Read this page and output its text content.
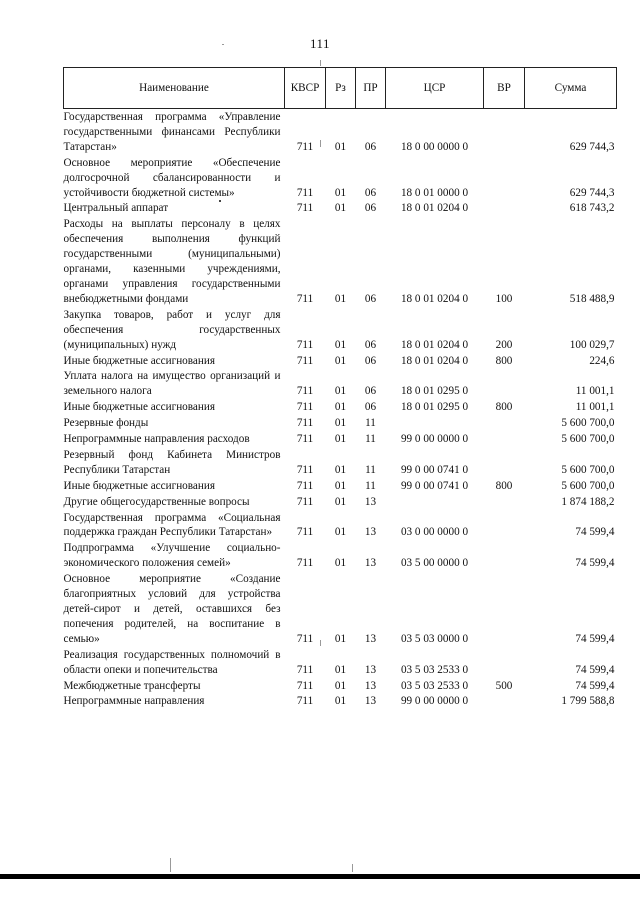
111
Наименование	КВСР	Рз	ПР	ЦСР	ВР	Сумма
Государственная программа «Управление государственными финансами Республики Татарстан»	711	01	06	18 0 00 0000 0		629 744,3
Основное мероприятие «Обеспечение долгосрочной сбалансированности и устойчивости бюджетной системы»	711	01	06	18 0 01 0000 0		629 744,3
Центральный аппарат	711	01	06	18 0 01 0204 0		618 743,2
Расходы на выплаты персоналу в целях обеспечения выполнения функций государственными (муниципальными) органами, казенными учреждениями, органами управления государственными внебюджетными фондами	711	01	06	18 0 01 0204 0	100	518 488,9
Закупка товаров, работ и услуг для обеспечения государственных (муниципальных) нужд	711	01	06	18 0 01 0204 0	200	100 029,7
Иные бюджетные ассигнования	711	01	06	18 0 01 0204 0	800	224,6
Уплата налога на имущество организаций и земельного налога	711	01	06	18 0 01 0295 0		11 001,1
Иные бюджетные ассигнования	711	01	06	18 0 01 0295 0	800	11 001,1
Резервные фонды	711	01	11			5 600 700,0
Непрограммные направления расходов	711	01	11	99 0 00 0000 0		5 600 700,0
Резервный фонд Кабинета Министров Республики Татарстан	711	01	11	99 0 00 0741 0		5 600 700,0
Иные бюджетные ассигнования	711	01	11	99 0 00 0741 0	800	5 600 700,0
Другие общегосударственные вопросы	711	01	13			1 874 188,2
Государственная программа «Социальная поддержка граждан Республики Татарстан»	711	01	13	03 0 00 0000 0		74 599,4
Подпрограмма «Улучшение социально-экономического положения семей»	711	01	13	03 5 00 0000 0		74 599,4
Основное мероприятие «Создание благоприятных условий для устройства детей-сирот и детей, оставшихся без попечения родителей, на воспитание в семью»	711	01	13	03 5 03 0000 0		74 599,4
Реализация государственных полномочий в области опеки и попечительства	711	01	13	03 5 03 2533 0		74 599,4
Межбюджетные трансферты	711	01	13	03 5 03 2533 0	500	74 599,4
Непрограммные направления	711	01	13	99 0 00 0000 0		1 799 588,8
